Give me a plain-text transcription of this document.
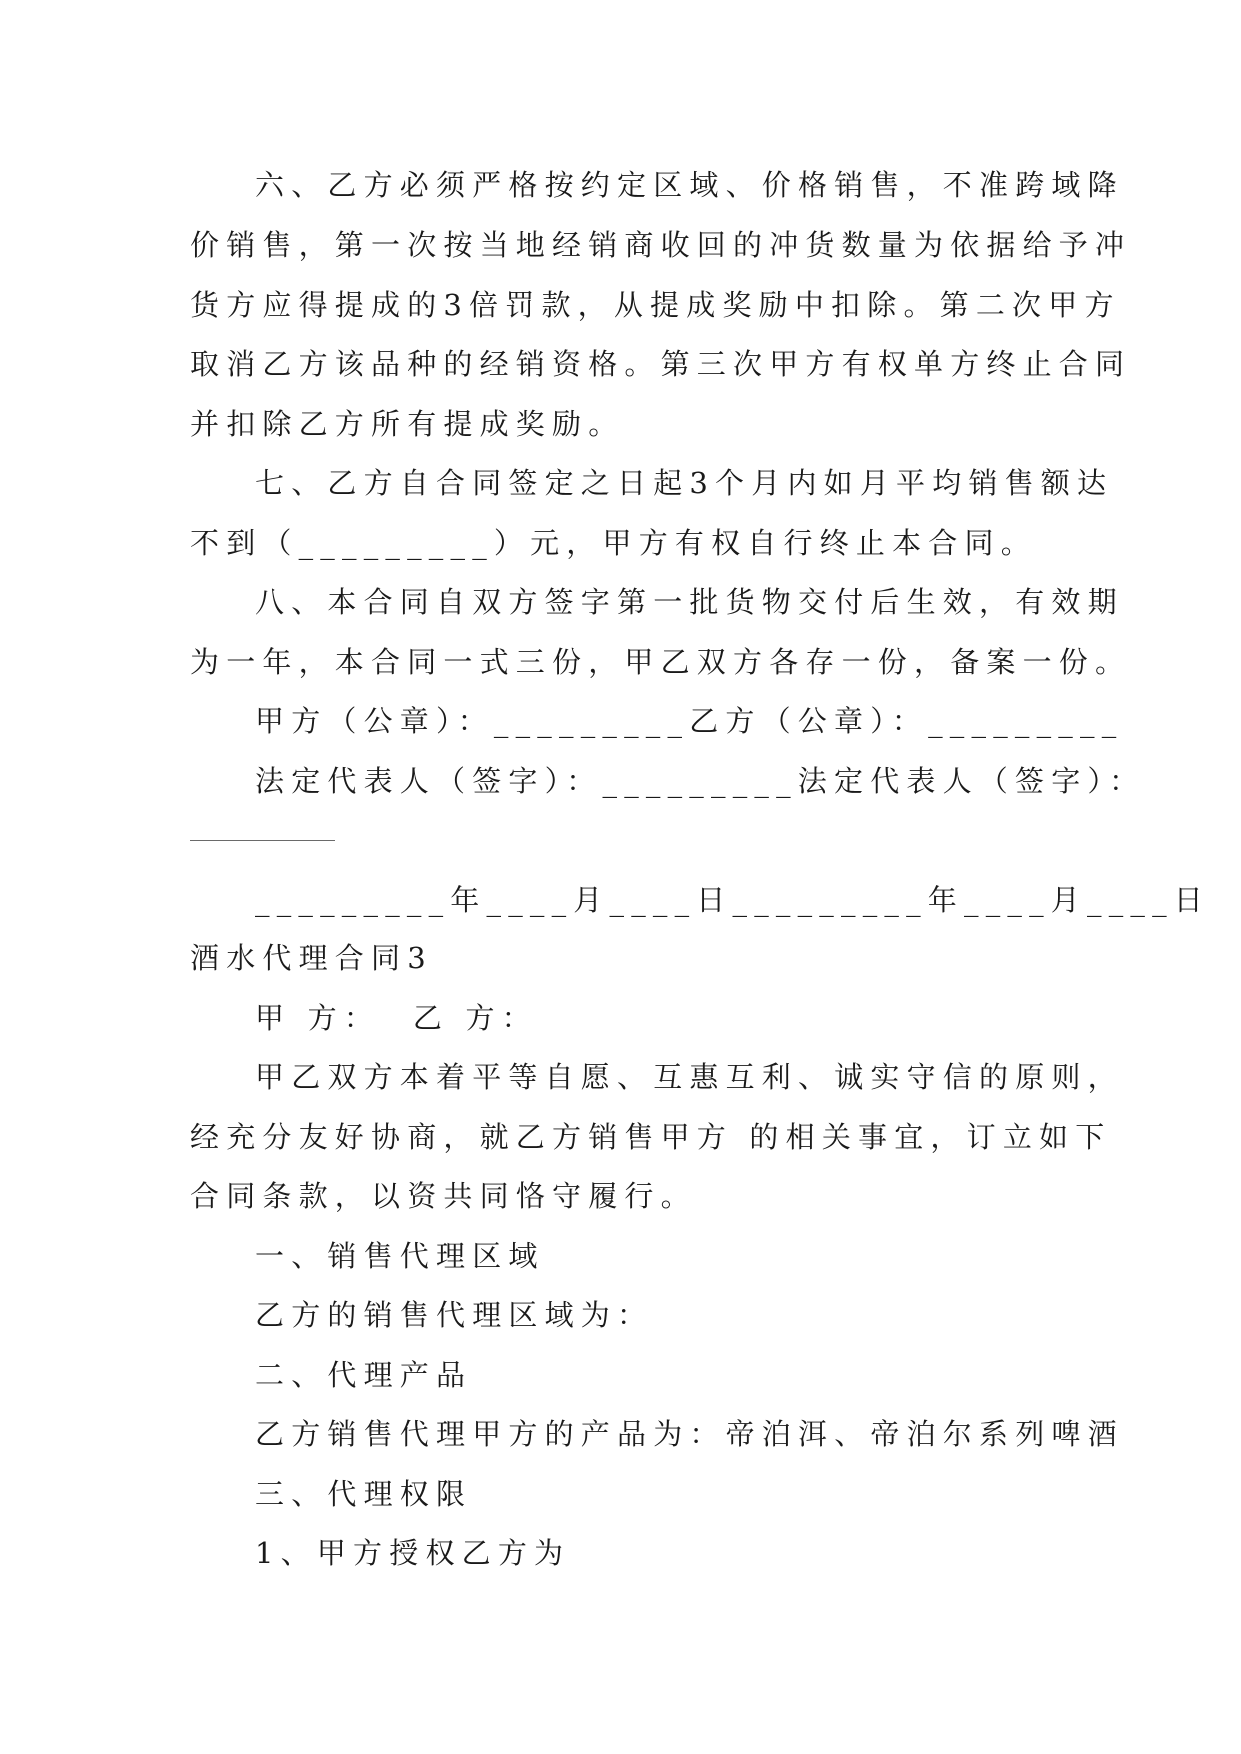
六、乙方必须严格按约定区域、价格销售，不准跨域降
价销售，第一次按当地经销商收回的冲货数量为依据给予冲
货方应得提成的3倍罚款，从提成奖励中扣除。第二次甲方
取消乙方该品种的经销资格。第三次甲方有权单方终止合同
并扣除乙方所有提成奖励。
七、乙方自合同签定之日起3个月内如月平均销售额达
不到（_________）元，甲方有权自行终止本合同。
八、本合同自双方签字第一批货物交付后生效，有效期
为一年，本合同一式三份，甲乙双方各存一份，备案一份。
甲方（公章）：_________乙方（公章）：_________
法定代表人（签字）：_________法定代表人（签字）：
_________年____月____日_________年____月____日
酒水代理合同3
甲 方：  乙 方：
甲乙双方本着平等自愿、互惠互利、诚实守信的原则，
经充分友好协商，就乙方销售甲方 的相关事宜，订立如下
合同条款，以资共同恪守履行。
一、销售代理区域
乙方的销售代理区域为：
二、代理产品
乙方销售代理甲方的产品为：帝泊洱、帝泊尔系列啤酒
三、代理权限
1、甲方授权乙方为
